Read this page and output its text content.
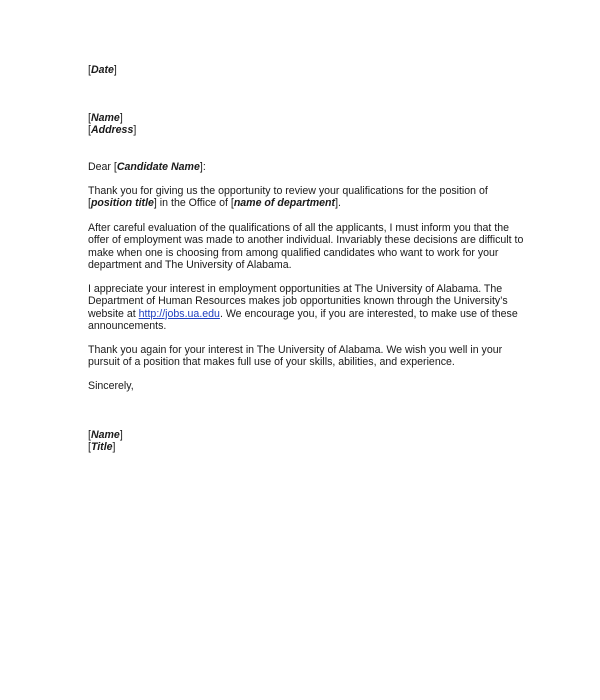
[Date]

[Name]

[Address]

Dear [Candidate Name]:

Thank you for giving us the opportunity to review your qualifications for the position of [position title] in the Office of [name of department].

After careful evaluation of the qualifications of all the applicants, I must inform you that the offer of employment was made to another individual. Invariably these decisions are difficult to make when one is choosing from among qualified candidates who want to work for your department and The University of Alabama.

I appreciate your interest in employment opportunities at The University of Alabama. The Department of Human Resources makes job opportunities known through the University’s website at http://jobs.ua.edu. We encourage you, if you are interested, to make use of these announcements.

Thank you again for your interest in The University of Alabama. We wish you well in your pursuit of a position that makes full use of your skills, abilities, and experience.

Sincerely,

[Name]

[Title]
